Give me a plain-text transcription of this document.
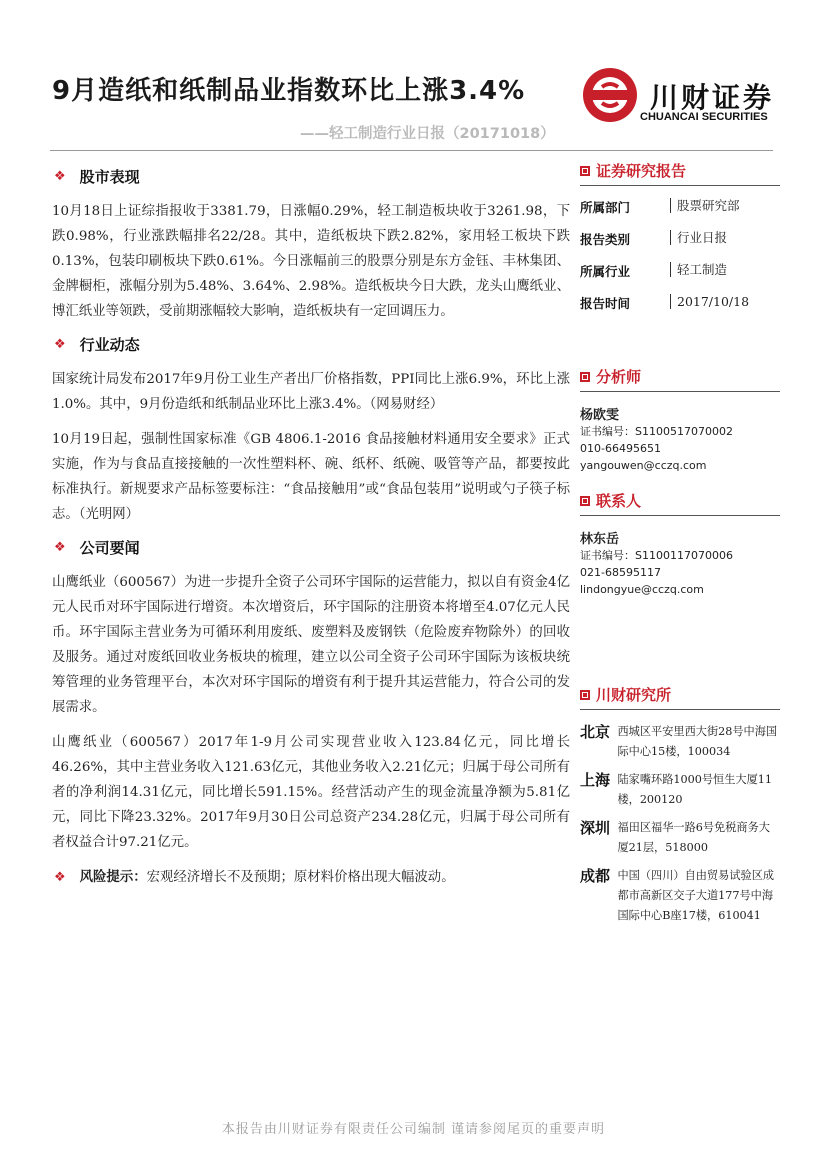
9月造纸和纸制品业指数环比上涨3.4%
——轻工制造行业日报（20171018）
川财证券
CHUANCAI SECURITIES
❖ 股市表现

10月18日上证综指报收于3381.79，日涨幅0.29%，轻工制造板块收于3261.98，下跌0.98%，行业涨跌幅排名22/28。其中，造纸板块下跌2.82%，家用轻工板块下跌0.13%，包装印刷板块下跌0.61%。今日涨幅前三的股票分别是东方金钰、丰林集团、金牌橱柜，涨幅分别为5.48%、3.64%、2.98%。造纸板块今日大跌，龙头山鹰纸业、博汇纸业等领跌，受前期涨幅较大影响，造纸板块有一定回调压力。

❖ 行业动态

国家统计局发布2017年9月份工业生产者出厂价格指数，PPI同比上涨6.9%，环比上涨1.0%。其中，9月份造纸和纸制品业环比上涨3.4%。（网易财经）

10月19日起，强制性国家标准《GB 4806.1-2016 食品接触材料通用安全要求》正式实施，作为与食品直接接触的一次性塑料杯、碗、纸杯、纸碗、吸管等产品，都要按此标准执行。新规要求产品标签要标注：“食品接触用”或“食品包装用”说明或勺子筷子标志。（光明网）

❖ 公司要闻

山鹰纸业（600567）为进一步提升全资子公司环宇国际的运营能力，拟以自有资金4亿元人民币对环宇国际进行增资。本次增资后，环宇国际的注册资本将增至4.07亿元人民币。环宇国际主营业务为可循环利用废纸、废塑料及废钢铁（危险废弃物除外）的回收及服务。通过对废纸回收业务板块的梳理，建立以公司全资子公司环宇国际为该板块统筹管理的业务管理平台，本次对环宇国际的增资有利于提升其运营能力，符合公司的发展需求。

山鹰纸业（600567）2017年1-9月公司实现营业收入123.84亿元，同比增长46.26%，其中主营业务收入121.63亿元，其他业务收入2.21亿元；归属于母公司所有者的净利润14.31亿元，同比增长591.15%。经营活动产生的现金流量净额为5.81亿元，同比下降23.32%。2017年9月30日公司总资产234.28亿元，归属于母公司所有者权益合计97.21亿元。

❖ 风险提示： 宏观经济增长不及预期；原材料价格出现大幅波动。
证券研究报告
所属部门	股票研究部
报告类别	行业日报
所属行业	轻工制造
报告时间	2017/10/18
分析师
杨欧雯
证书编号：S1100517070002
010-66495651
yangouwen@cczq.com
联系人
林东岳
证书编号：S1100117070006
021-68595117
lindongyue@cczq.com
川财研究所
北京 西城区平安里西大街28号中海国际中心15楼，100034
上海 陆家嘴环路1000号恒生大厦11楼，200120
深圳 福田区福华一路6号免税商务大厦21层，518000
成都 中国（四川）自由贸易试验区成都市高新区交子大道177号中海国际中心B座17楼，610041
本报告由川财证券有限责任公司编制 谨请参阅尾页的重要声明
